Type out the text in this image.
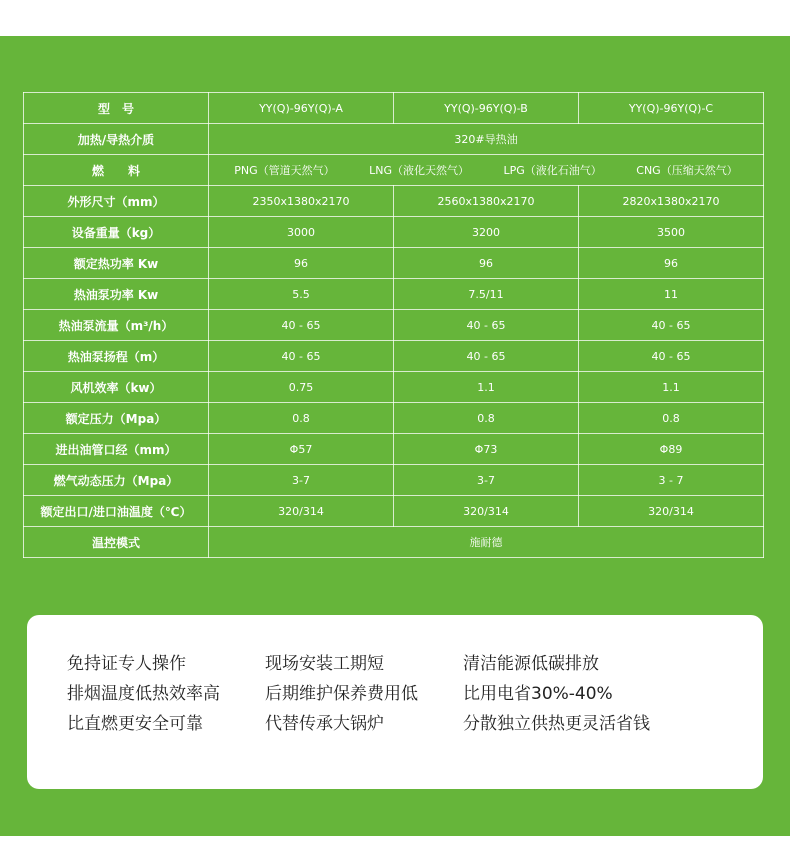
型　号	YY(Q)-96Y(Q)-A	YY(Q)-96Y(Q)-B	YY(Q)-96Y(Q)-C
加热/导热介质	320#导热油		
燃　　料	PNG（管道天然气） LNG（液化天然气） LPG（液化石油气） CNG（压缩天然气）		

外形尺寸（mm）	2350x1380x2170	2560x1380x2170	2820x1380x2170
设备重量（kg）	3000	3200	3500
额定热功率 Kw	96	96	96
热油泵功率 Kw	5.5	7.5/11	11
热油泵流量（m³/h）	40 - 65	40 - 65	40 - 65
热油泵扬程（m）	40 - 65	40 - 65	40 - 65
风机效率（kw）	0.75	1.1	1.1
额定压力（Mpa）	0.8	0.8	0.8
进出油管口经（mm）	Φ57	Φ73	Φ89
燃气动态压力（Mpa）	3-7	3-7	3 - 7
额定出口/进口油温度（℃）	320/314	320/314	320/314
温控模式	施耐德		
免持证专人操作	现场安装工期短	清洁能源低碳排放
排烟温度低热效率高	后期维护保养费用低	比用电省30%-40%
比直燃更安全可靠	代替传承大锅炉	分散独立供热更灵活省钱
